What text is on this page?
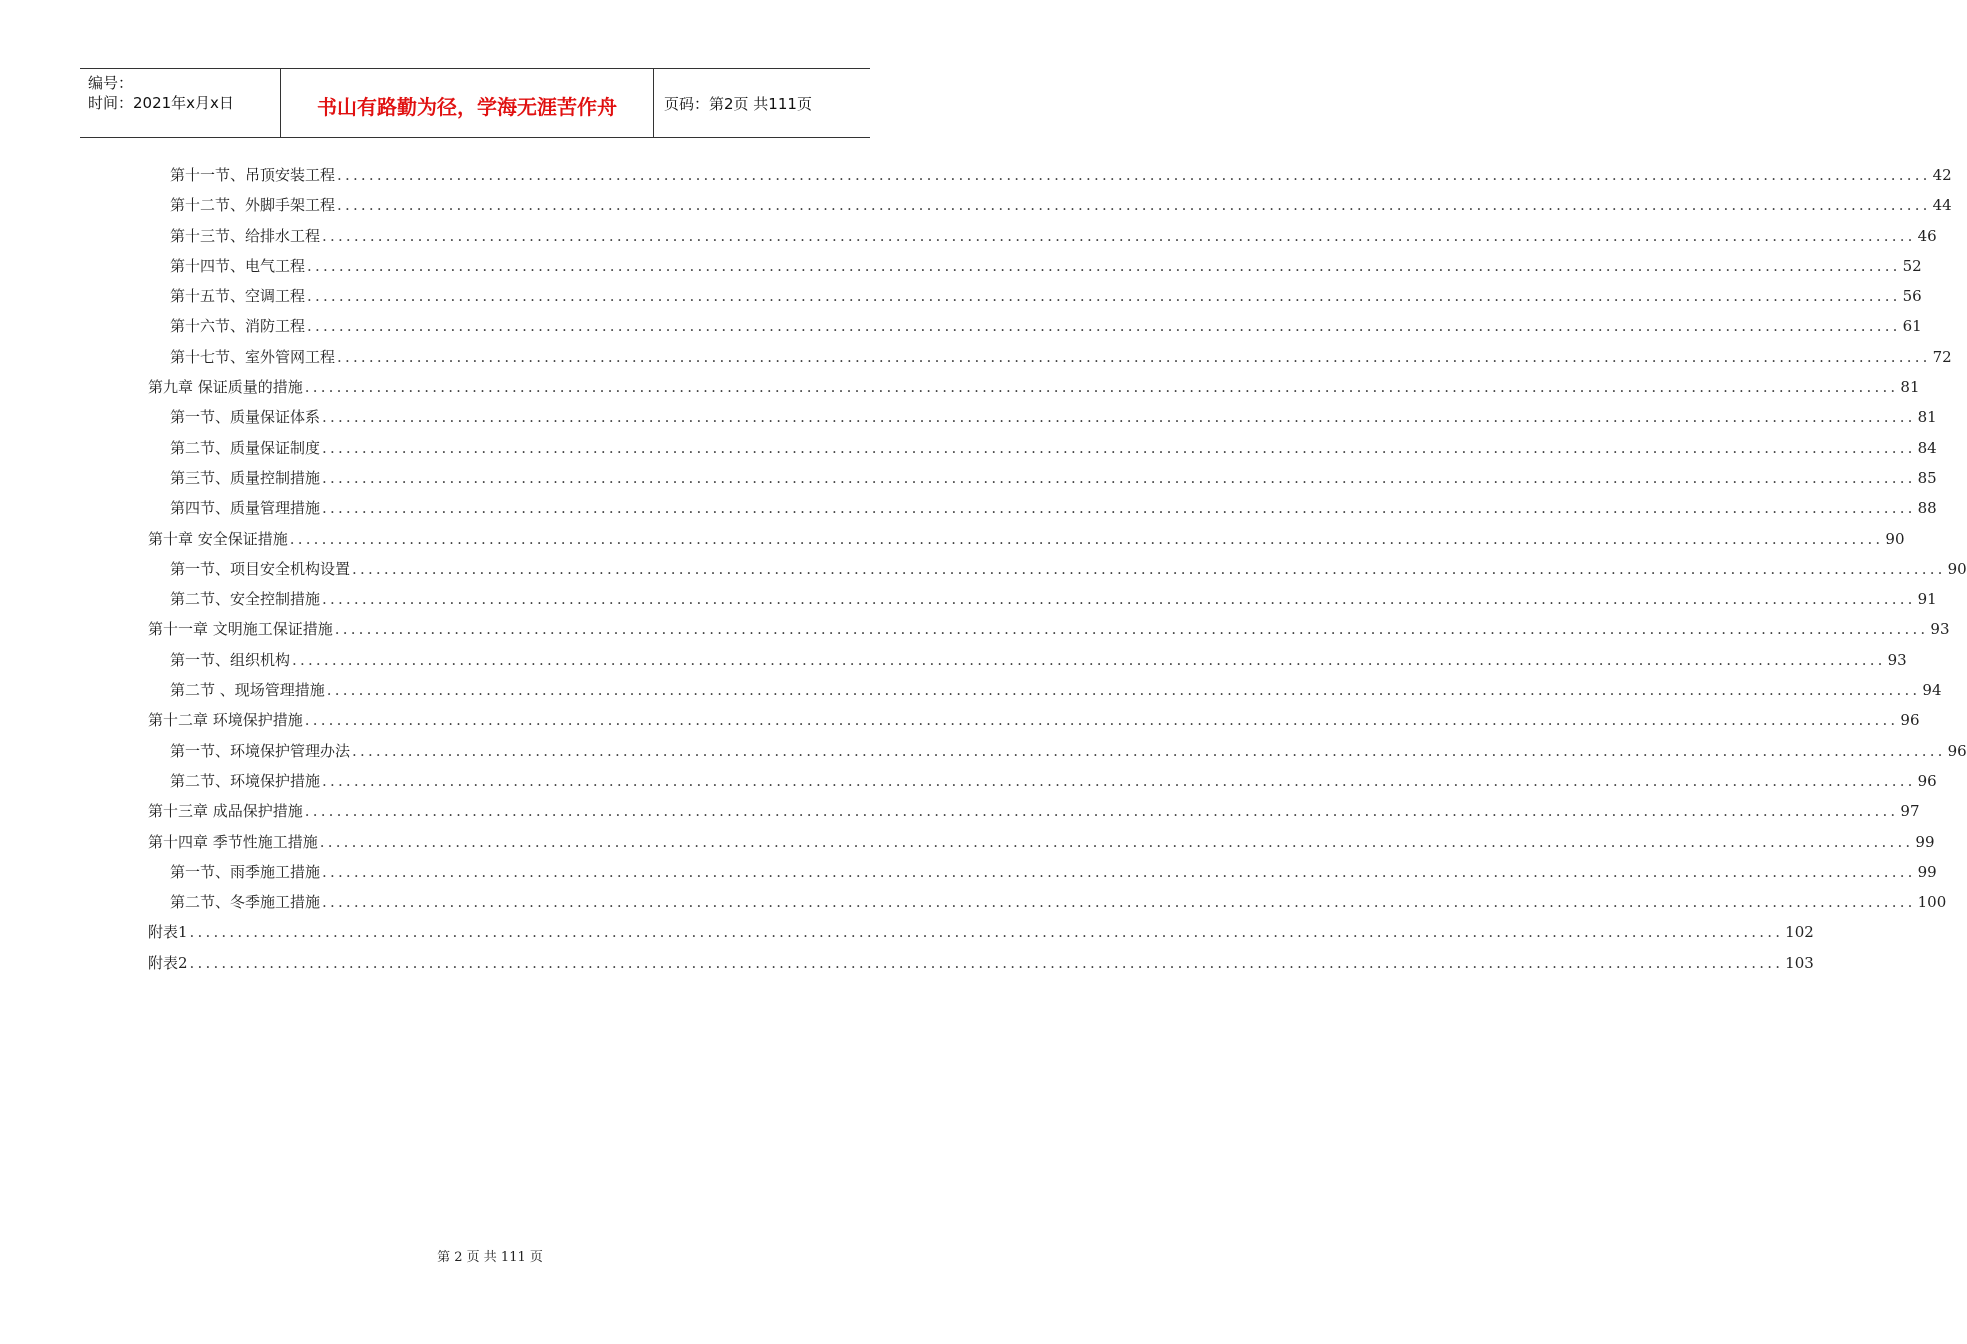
编号：
时间：2021年x月x日	书山有路勤为径，学海无涯苦作舟	页码：第2页 共111页
第十一节、吊顶安装工程 ........................................................................................................................................................................................................ 42
第十二节、外脚手架工程 ........................................................................................................................................................................................................ 44
第十三节、给排水工程 ........................................................................................................................................................................................................ 46
第十四节、电气工程 ........................................................................................................................................................................................................ 52
第十五节、空调工程 ........................................................................................................................................................................................................ 56
第十六节、消防工程 ........................................................................................................................................................................................................ 61
第十七节、室外管网工程 ........................................................................................................................................................................................................ 72
第九章 保证质量的措施 ........................................................................................................................................................................................................ 81
第一节、质量保证体系 ........................................................................................................................................................................................................ 81
第二节、质量保证制度 ........................................................................................................................................................................................................ 84
第三节、质量控制措施 ........................................................................................................................................................................................................ 85
第四节、质量管理措施 ........................................................................................................................................................................................................ 88
第十章 安全保证措施 ........................................................................................................................................................................................................ 90
第一节、项目安全机构设置 ........................................................................................................................................................................................................ 90
第二节、安全控制措施 ........................................................................................................................................................................................................ 91
第十一章 文明施工保证措施 ........................................................................................................................................................................................................ 93
第一节、组织机构 ........................................................................................................................................................................................................ 93
第二节 、现场管理措施 ........................................................................................................................................................................................................ 94
第十二章 环境保护措施 ........................................................................................................................................................................................................ 96
第一节、环境保护管理办法 ........................................................................................................................................................................................................ 96
第二节、环境保护措施 ........................................................................................................................................................................................................ 96
第十三章 成品保护措施 ........................................................................................................................................................................................................ 97
第十四章 季节性施工措施 ........................................................................................................................................................................................................ 99
第一节、雨季施工措施 ........................................................................................................................................................................................................ 99
第二节、冬季施工措施 ........................................................................................................................................................................................................ 100
附表1 ........................................................................................................................................................................................................ 102
附表2 ........................................................................................................................................................................................................ 103
第 2 页 共 111 页
